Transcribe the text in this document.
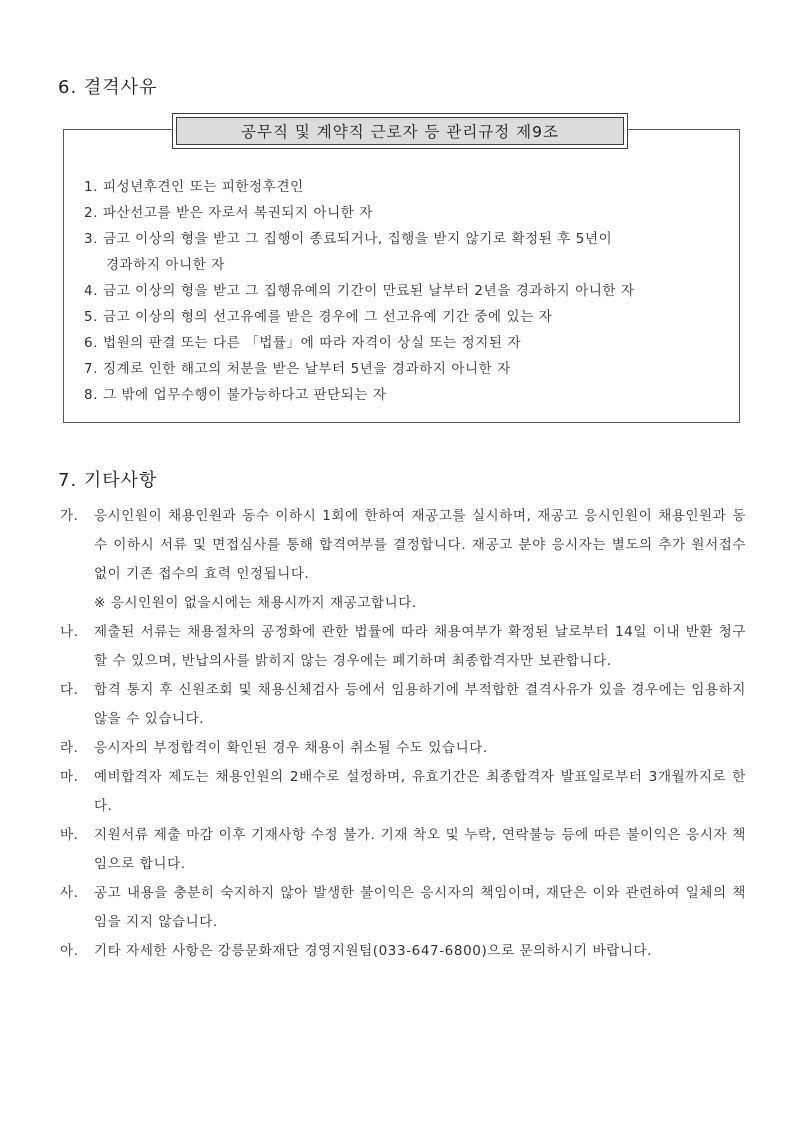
6. 결격사유
공무직 및 계약직 근로자 등 관리규정 제9조
1. 피성년후견인 또는 피한정후견인
2. 파산선고를 받은 자로서 복권되지 아니한 자
3. 금고 이상의 형을 받고 그 집행이 종료되거나, 집행을 받지 않기로 확정된 후 5년이
경과하지 아니한 자
4. 금고 이상의 형을 받고 그 집행유예의 기간이 만료된 날부터 2년을 경과하지 아니한 자
5. 금고 이상의 형의 선고유예를 받은 경우에 그 선고유예 기간 중에 있는 자
6. 법원의 판결 또는 다른 「법률」에 따라 자격이 상실 또는 정지된 자
7. 징계로 인한 해고의 처분을 받은 날부터 5년을 경과하지 아니한 자
8. 그 밖에 업무수행이 불가능하다고 판단되는 자
7. 기타사항
가.	응시인원이 채용인원과 동수 이하시 1회에 한하여 재공고를 실시하며, 재공고 응시인원이 채용인원과 동수 이하시 서류 및 면접심사를 통해 합격여부를 결정합니다. 재공고 분야 응시자는 별도의 추가 원서접수 없이 기존 접수의 효력 인정됩니다.
※ 응시인원이 없을시에는 채용시까지 재공고합니다.
나.	제출된 서류는 채용절차의 공정화에 관한 법률에 따라 채용여부가 확정된 날로부터 14일 이내 반환 청구할 수 있으며, 반납의사를 밝히지 않는 경우에는 폐기하며 최종합격자만 보관합니다.
다.	합격 통지 후 신원조회 및 채용신체검사 등에서 임용하기에 부적합한 결격사유가 있을 경우에는 임용하지 않을 수 있습니다.
라.	응시자의 부정합격이 확인된 경우 채용이 취소될 수도 있습니다.
마.	예비합격자 제도는 채용인원의 2배수로 설정하며, 유효기간은 최종합격자 발표일로부터 3개월까지로 한다.
바.	지원서류 제출 마감 이후 기재사항 수정 불가. 기재 착오 및 누락, 연락불능 등에 따른 불이익은 응시자 책임으로 합니다.
사.	공고 내용을 충분히 숙지하지 않아 발생한 불이익은 응시자의 책임이며, 재단은 이와 관련하여 일체의 책임을 지지 않습니다.
아.	기타 자세한 사항은 강릉문화재단 경영지원팀(033-647-6800)으로 문의하시기 바랍니다.
